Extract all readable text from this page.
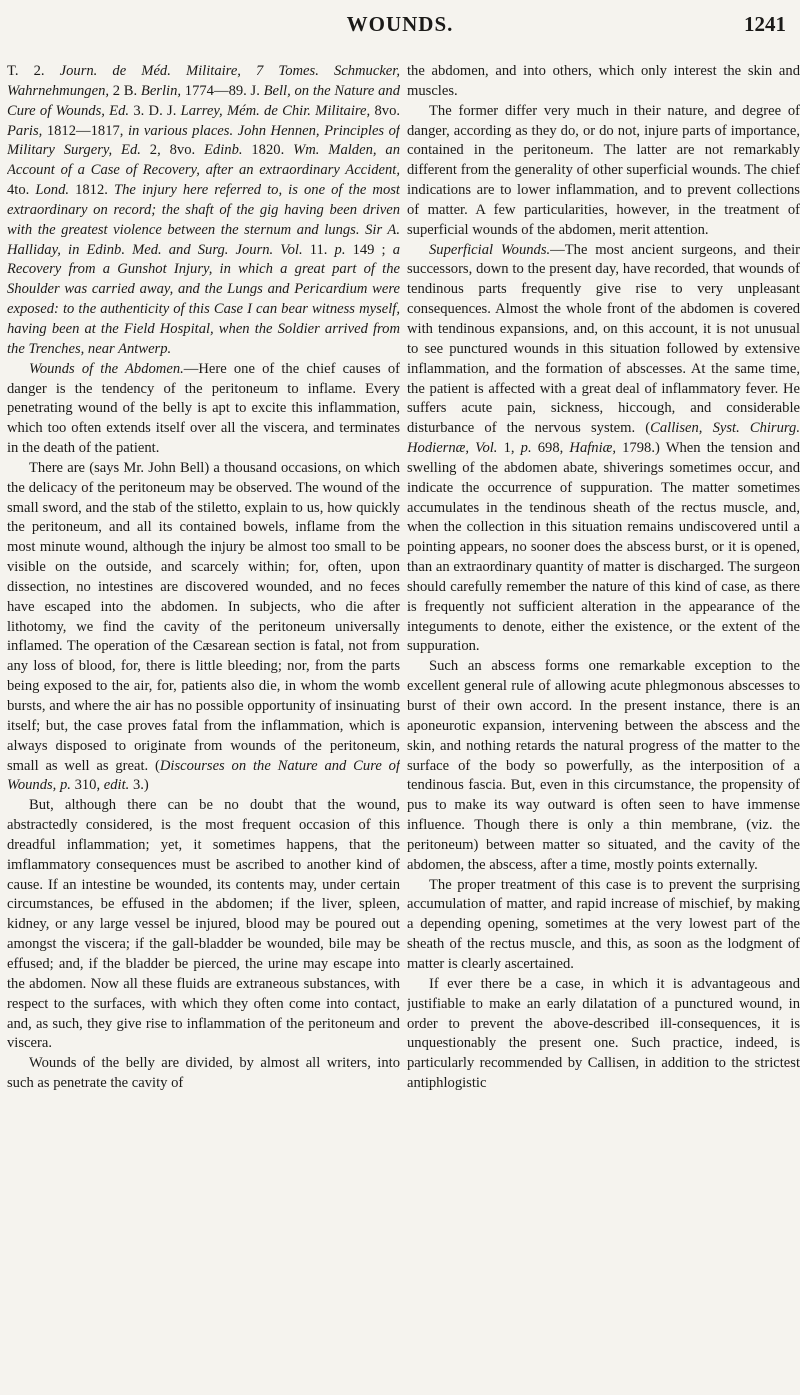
WOUNDS.	1241

T. 2. Journ. de Méd. Militaire, 7 Tomes. Schmucker, Wahrnehmungen, 2 B. Berlin, 1774—89. J. Bell, on the Nature and Cure of Wounds, Ed. 3. D. J. Larrey, Mém. de Chir. Militaire, 8vo. Paris, 1812—1817, in various places. John Hennen, Principles of Military Surgery, Ed. 2, 8vo. Edinb. 1820. Wm. Malden, an Account of a Case of Recovery, after an extraordinary Accident, 4to. Lond. 1812. The injury here referred to, is one of the most extraordinary on record; the shaft of the gig having been driven with the greatest violence between the sternum and lungs. Sir A. Halliday, in Edinb. Med. and Surg. Journ. Vol. 11. p. 149 ; a Recovery from a Gunshot Injury, in which a great part of the Shoulder was carried away, and the Lungs and Pericardium were exposed: to the authenticity of this Case I can bear witness myself, having been at the Field Hospital, when the Soldier arrived from the Trenches, near Antwerp.

Wounds of the Abdomen.—Here one of the chief causes of danger is the tendency of the peritoneum to inflame. Every penetrating wound of the belly is apt to excite this inflammation, which too often extends itself over all the viscera, and terminates in the death of the patient.

There are (says Mr. John Bell) a thousand occasions, on which the delicacy of the peritoneum may be observed. The wound of the small sword, and the stab of the stiletto, explain to us, how quickly the peritoneum, and all its contained bowels, inflame from the most minute wound, although the injury be almost too small to be visible on the outside, and scarcely within; for, often, upon dissection, no intestines are discovered wounded, and no feces have escaped into the abdomen. In subjects, who die after lithotomy, we find the cavity of the peritoneum universally inflamed. The operation of the Cæsarean section is fatal, not from any loss of blood, for, there is little bleeding; nor, from the parts being exposed to the air, for, patients also die, in whom the womb bursts, and where the air has no possible opportunity of insinuating itself; but, the case proves fatal from the inflammation, which is always disposed to originate from wounds of the peritoneum, small as well as great. (Discourses on the Nature and Cure of Wounds, p. 310, edit. 3.)

But, although there can be no doubt that the wound, abstractedly considered, is the most frequent occasion of this dreadful inflammation; yet, it sometimes happens, that the imflammatory consequences must be ascribed to another kind of cause. If an intestine be wounded, its contents may, under certain circumstances, be effused in the abdomen; if the liver, spleen, kidney, or any large vessel be injured, blood may be poured out amongst the viscera; if the gall-bladder be wounded, bile may be effused; and, if the bladder be pierced, the urine may escape into the abdomen. Now all these fluids are extraneous substances, with respect to the surfaces, with which they often come into contact, and, as such, they give rise to inflammation of the peritoneum and viscera.

Wounds of the belly are divided, by almost all writers, into such as penetrate the cavity of

the abdomen, and into others, which only interest the skin and muscles.

The former differ very much in their nature, and degree of danger, according as they do, or do not, injure parts of importance, contained in the peritoneum. The latter are not remarkably different from the generality of other superficial wounds. The chief indications are to lower inflammation, and to prevent collections of matter. A few particularities, however, in the treatment of superficial wounds of the abdomen, merit attention.

Superficial Wounds.—The most ancient surgeons, and their successors, down to the present day, have recorded, that wounds of tendinous parts frequently give rise to very unpleasant consequences. Almost the whole front of the abdomen is covered with tendinous expansions, and, on this account, it is not unusual to see punctured wounds in this situation followed by extensive inflammation, and the formation of abscesses. At the same time, the patient is affected with a great deal of inflammatory fever. He suffers acute pain, sickness, hiccough, and considerable disturbance of the nervous system. (Callisen, Syst. Chirurg. Hodiernæ, Vol. 1, p. 698, Hafniæ, 1798.) When the tension and swelling of the abdomen abate, shiverings sometimes occur, and indicate the occurrence of suppuration. The matter sometimes accumulates in the tendinous sheath of the rectus muscle, and, when the collection in this situation remains undiscovered until a pointing appears, no sooner does the abscess burst, or it is opened, than an extraordinary quantity of matter is discharged. The surgeon should carefully remember the nature of this kind of case, as there is frequently not sufficient alteration in the appearance of the integuments to denote, either the existence, or the extent of the suppuration.

Such an abscess forms one remarkable exception to the excellent general rule of allowing acute phlegmonous abscesses to burst of their own accord. In the present instance, there is an aponeurotic expansion, intervening between the abscess and the skin, and nothing retards the natural progress of the matter to the surface of the body so powerfully, as the interposition of a tendinous fascia. But, even in this circumstance, the propensity of pus to make its way outward is often seen to have immense influence. Though there is only a thin membrane, (viz. the peritoneum) between matter so situated, and the cavity of the abdomen, the abscess, after a time, mostly points externally.

The proper treatment of this case is to prevent the surprising accumulation of matter, and rapid increase of mischief, by making a depending opening, sometimes at the very lowest part of the sheath of the rectus muscle, and this, as soon as the lodgment of matter is clearly ascertained.

If ever there be a case, in which it is advantageous and justifiable to make an early dilatation of a punctured wound, in order to prevent the above-described ill-consequences, it is unquestionably the present one. Such practice, indeed, is particularly recommended by Callisen, in addition to the strictest antiphlogistic
